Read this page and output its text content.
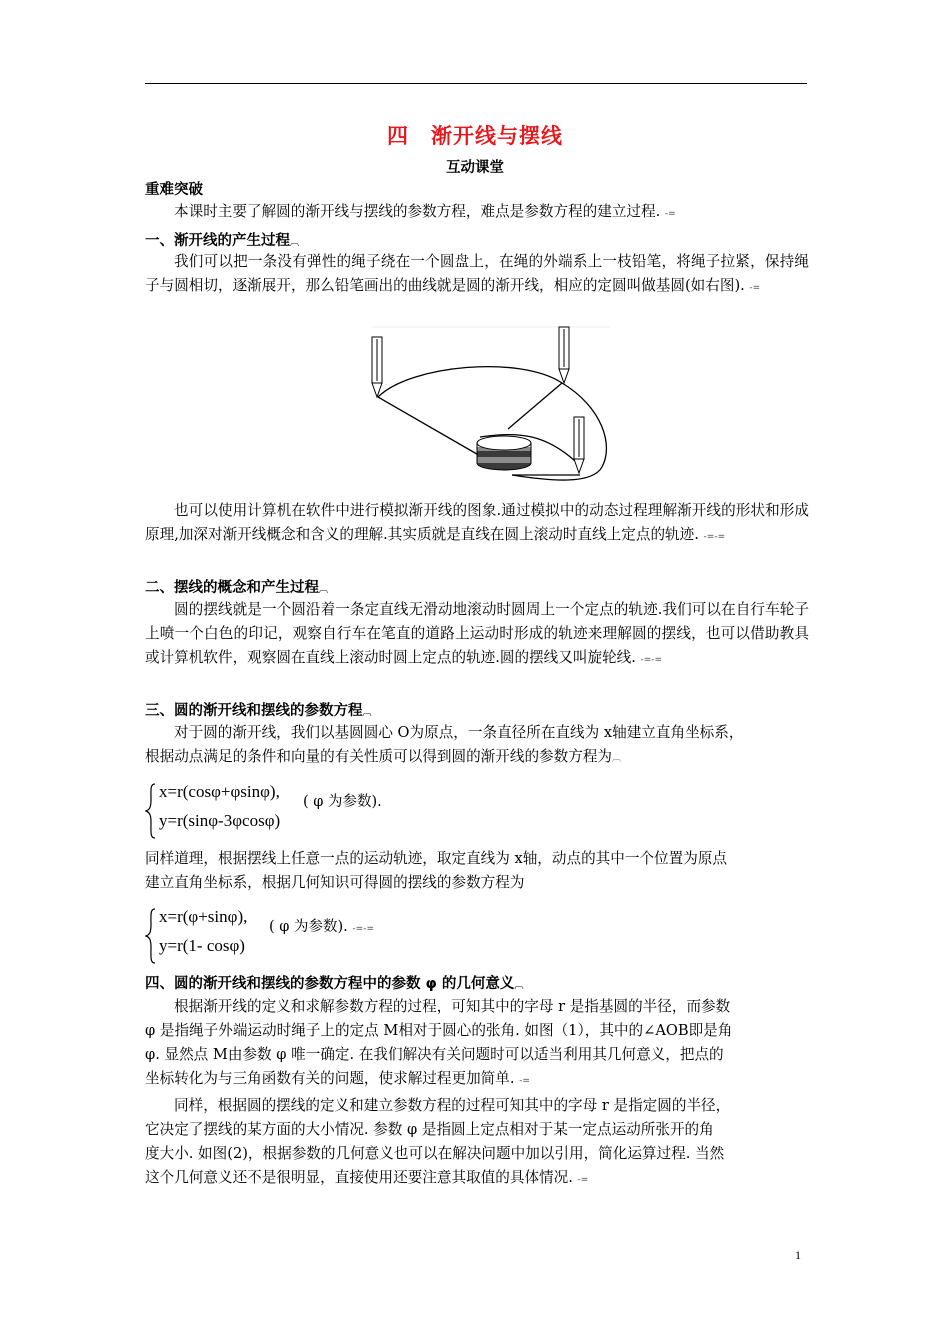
四　渐开线与摆线
互动课堂
重难突破
本课时主要了解圆的渐开线与摆线的参数方程，难点是参数方程的建立过程. -=
一、渐开线的产生过程︹
我们可以把一条没有弹性的绳子绕在一个圆盘上，在绳的外端系上一枝铅笔，将绳子拉紧，保持绳子与圆相切，逐渐展开，那么铅笔画出的曲线就是圆的渐开线，相应的定圆叫做基圆(如右图). -=
也可以使用计算机在软件中进行模拟渐开线的图象.通过模拟中的动态过程理解渐开线的形状和形成原理,加深对渐开线概念和含义的理解.其实质就是直线在圆上滚动时直线上定点的轨迹. -=-=
二、摆线的概念和产生过程︹
圆的摆线就是一个圆沿着一条定直线无滑动地滚动时圆周上一个定点的轨迹.我们可以在自行车轮子上喷一个白色的印记，观察自行车在笔直的道路上运动时形成的轨迹来理解圆的摆线，也可以借助教具或计算机软件，观察圆在直线上滚动时圆上定点的轨迹.圆的摆线又叫旋轮线. -=-=
三、圆的渐开线和摆线的参数方程︹
对于圆的渐开线，我们以基圆圆心 O为原点，一条直径所在直线为 x轴建立直角坐标系，
根据动点满足的条件和向量的有关性质可以得到圆的渐开线的参数方程为︹
x=r(cosφ+φsinφ),
y=r(sinφ-3φcosφ)
( φ 为参数).
同样道理，根据摆线上任意一点的运动轨迹，取定直线为 x轴，动点的其中一个位置为原点
建立直角坐标系，根据几何知识可得圆的摆线的参数方程为
x=r(φ+sinφ),
y=r(1- cosφ)
( φ 为参数). -=-=
四、圆的渐开线和摆线的参数方程中的参数 φ 的几何意义︹
根据渐开线的定义和求解参数方程的过程，可知其中的字母 r 是指基圆的半径，而参数
φ 是指绳子外端运动时绳子上的定点 M相对于圆心的张角. 如图（1），其中的∠AOB即是角
φ. 显然点 M由参数 φ 唯一确定. 在我们解决有关问题时可以适当利用其几何意义，把点的
坐标转化为与三角函数有关的问题，使求解过程更加简单. -=
同样，根据圆的摆线的定义和建立参数方程的过程可知其中的字母 r 是指定圆的半径，
它决定了摆线的某方面的大小情况. 参数 φ 是指圆上定点相对于某一定点运动所张开的角
度大小. 如图(2)，根据参数的几何意义也可以在解决问题中加以引用，简化运算过程. 当然
这个几何意义还不是很明显，直接使用还要注意其取值的具体情况. -=
1
